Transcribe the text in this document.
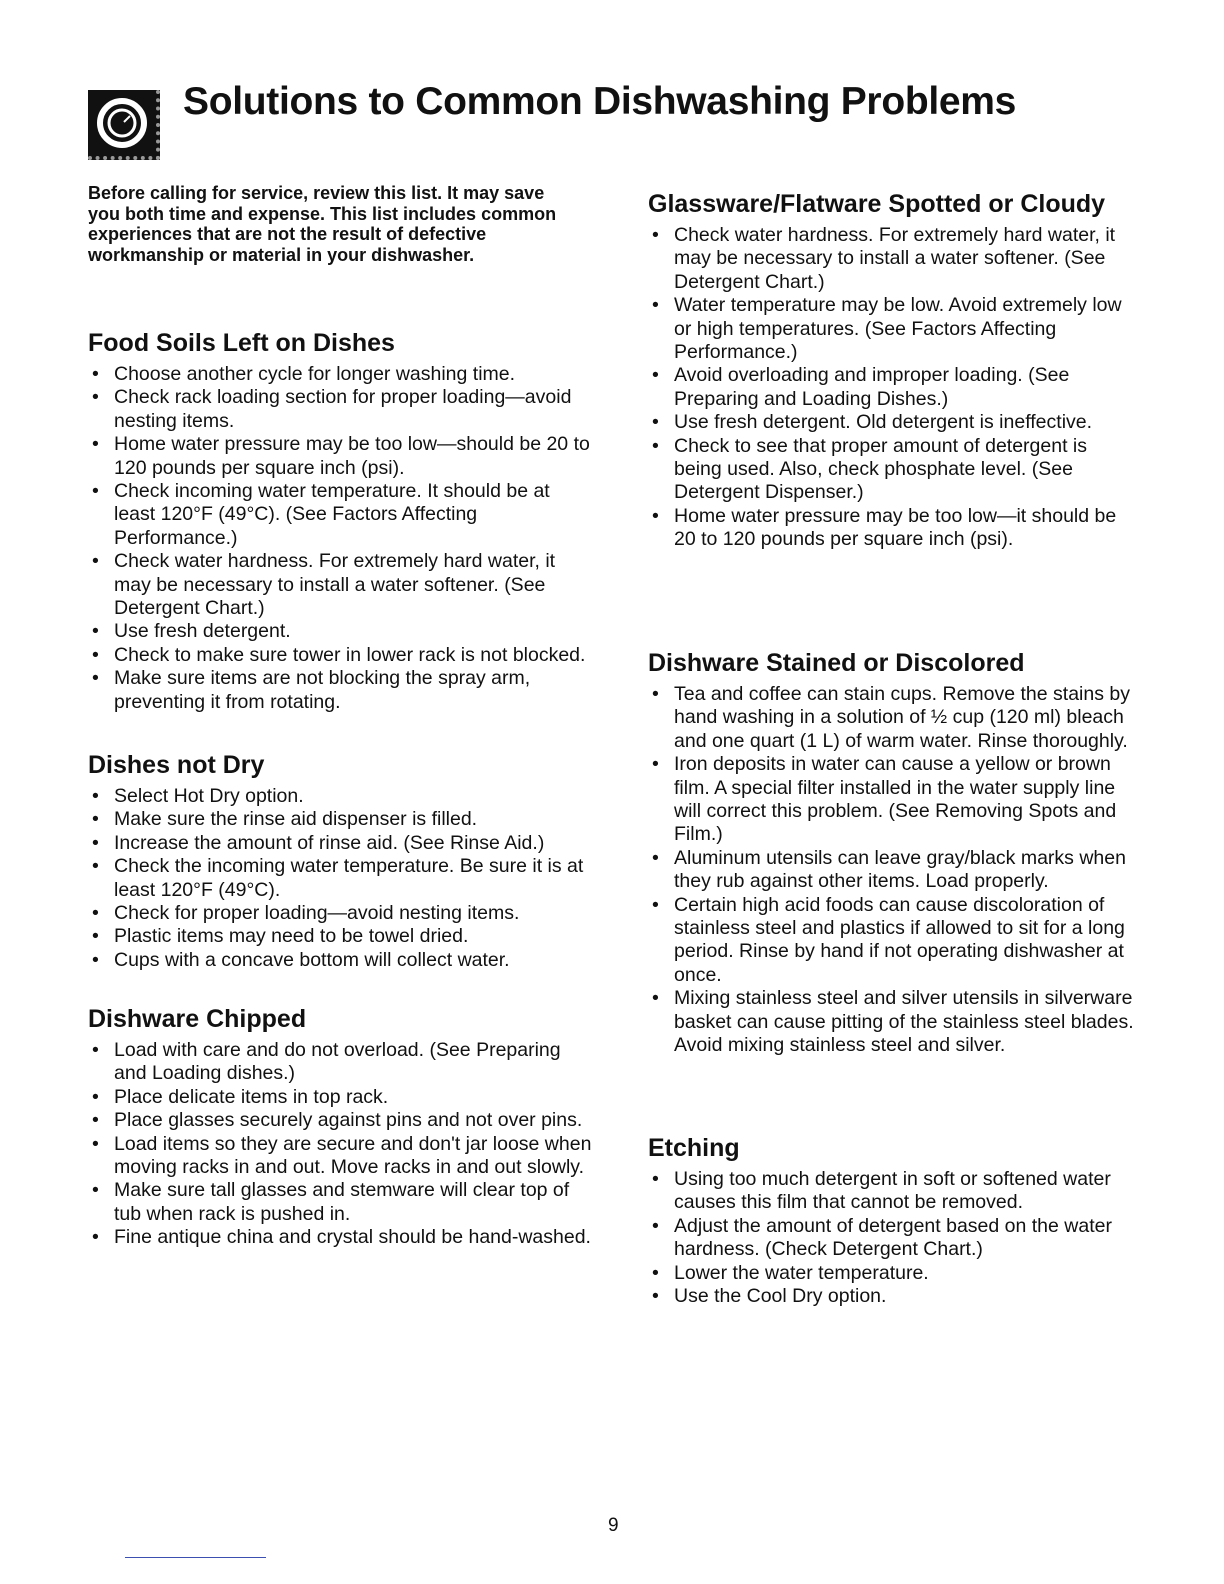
Solutions to Common Dishwashing Problems

Before calling for service, review this list. It may save you both time and expense. This list includes common experiences that are not the result of defective workmanship or material in your dishwasher.

Food Soils Left on Dishes
• Choose another cycle for longer washing time.
• Check rack loading section for proper loading—avoid nesting items.
• Home water pressure may be too low—should be 20 to 120 pounds per square inch (psi).
• Check incoming water temperature. It should be at least 120°F (49°C). (See Factors Affecting Performance.)
• Check water hardness. For extremely hard water, it may be necessary to install a water softener. (See Detergent Chart.)
• Use fresh detergent.
• Check to make sure tower in lower rack is not blocked.
• Make sure items are not blocking the spray arm, preventing it from rotating.
Dishes not Dry
• Select Hot Dry option.
• Make sure the rinse aid dispenser is filled.
• Increase the amount of rinse aid. (See Rinse Aid.)
• Check the incoming water temperature. Be sure it is at least 120°F (49°C).
• Check for proper loading—avoid nesting items.
• Plastic items may need to be towel dried.
• Cups with a concave bottom will collect water.
Dishware Chipped
• Load with care and do not overload. (See Preparing and Loading dishes.)
• Place delicate items in top rack.
• Place glasses securely against pins and not over pins.
• Load items so they are secure and don't jar loose when moving racks in and out. Move racks in and out slowly.
• Make sure tall glasses and stemware will clear top of tub when rack is pushed in.
• Fine antique china and crystal should be hand-washed.
Glassware/Flatware Spotted or Cloudy
• Check water hardness. For extremely hard water, it may be necessary to install a water softener. (See Detergent Chart.)
• Water temperature may be low. Avoid extremely low or high temperatures. (See Factors Affecting Performance.)
• Avoid overloading and improper loading. (See Preparing and Loading Dishes.)
• Use fresh detergent. Old detergent is ineffective.
• Check to see that proper amount of detergent is being used. Also, check phosphate level. (See Detergent Dispenser.)
• Home water pressure may be too low—it should be 20 to 120 pounds per square inch (psi).
Dishware Stained or Discolored
• Tea and coffee can stain cups. Remove the stains by hand washing in a solution of ½ cup (120 ml) bleach and one quart (1 L) of warm water. Rinse thoroughly.
• Iron deposits in water can cause a yellow or brown film. A special filter installed in the water supply line will correct this problem. (See Removing Spots and Film.)
• Aluminum utensils can leave gray/black marks when they rub against other items. Load properly.
• Certain high acid foods can cause discoloration of stainless steel and plastics if allowed to sit for a long period. Rinse by hand if not operating dishwasher at once.
• Mixing stainless steel and silver utensils in silverware basket can cause pitting of the stainless steel blades. Avoid mixing stainless steel and silver.
Etching
• Using too much detergent in soft or softened water causes this film that cannot be removed.
• Adjust the amount of detergent based on the water hardness. (Check Detergent Chart.)
• Lower the water temperature.
• Use the Cool Dry option.
9
